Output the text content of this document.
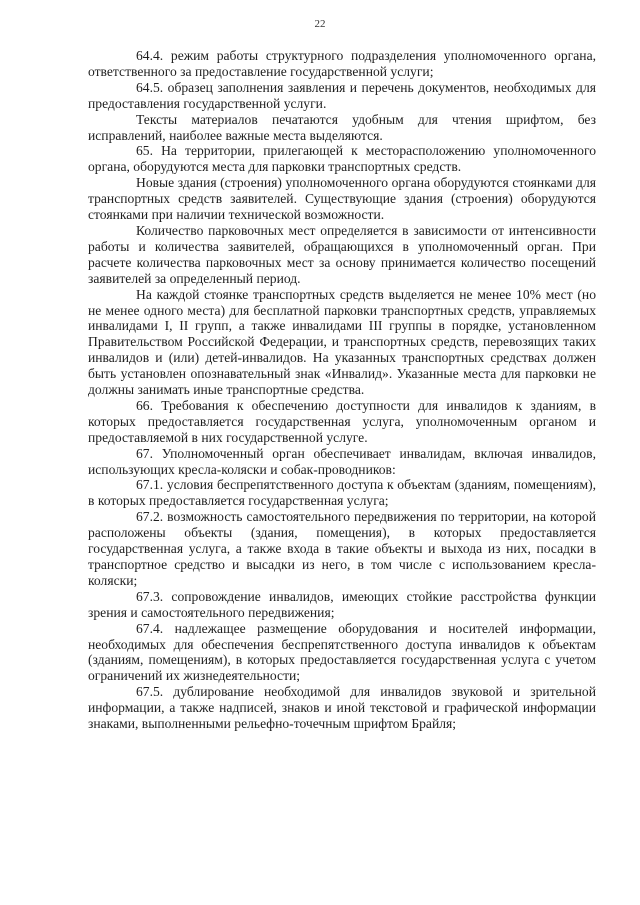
22

64.4. режим работы структурного подразделения уполномоченного органа, ответственного за предоставление государственной услуги;

64.5. образец заполнения заявления и перечень документов, необходимых для предоставления государственной услуги.

Тексты материалов печатаются удобным для чтения шрифтом, без исправлений, наиболее важные места выделяются.

65. На территории, прилегающей к месторасположению уполномоченного органа, оборудуются места для парковки транспортных средств.

Новые здания (строения) уполномоченного органа оборудуются стоянками для транспортных средств заявителей. Существующие здания (строения) оборудуются стоянками при наличии технической возможности.

Количество парковочных мест определяется в зависимости от интенсивности работы и количества заявителей, обращающихся в уполномоченный орган. При расчете количества парковочных мест за основу принимается количество посещений заявителей за определенный период.

На каждой стоянке транспортных средств выделяется не менее 10% мест (но не менее одного места) для бесплатной парковки транспортных средств, управляемых инвалидами I, II групп, а также инвалидами III группы в порядке, установленном Правительством Российской Федерации, и транспортных средств, перевозящих таких инвалидов и (или) детей-инвалидов. На указанных транспортных средствах должен быть установлен опознавательный знак «Инвалид». Указанные места для парковки не должны занимать иные транспортные средства.

66. Требования к обеспечению доступности для инвалидов к зданиям, в которых предоставляется государственная услуга, уполномоченным органом и предоставляемой в них государственной услуге.

67. Уполномоченный орган обеспечивает инвалидам, включая инвалидов, использующих кресла-коляски и собак-проводников:

67.1. условия беспрепятственного доступа к объектам (зданиям, помещениям), в которых предоставляется государственная услуга;

67.2. возможность самостоятельного передвижения по территории, на которой расположены объекты (здания, помещения), в которых предоставляется государственная услуга, а также входа в такие объекты и выхода из них, посадки в транспортное средство и высадки из него, в том числе с использованием кресла-коляски;

67.3. сопровождение инвалидов, имеющих стойкие расстройства функции зрения и самостоятельного передвижения;

67.4. надлежащее размещение оборудования и носителей информации, необходимых для обеспечения беспрепятственного доступа инвалидов к объектам (зданиям, помещениям), в которых предоставляется государственная услуга с учетом ограничений их жизнедеятельности;

67.5. дублирование необходимой для инвалидов звуковой и зрительной информации, а также надписей, знаков и иной текстовой и графической информации знаками, выполненными рельефно-точечным шрифтом Брайля;
